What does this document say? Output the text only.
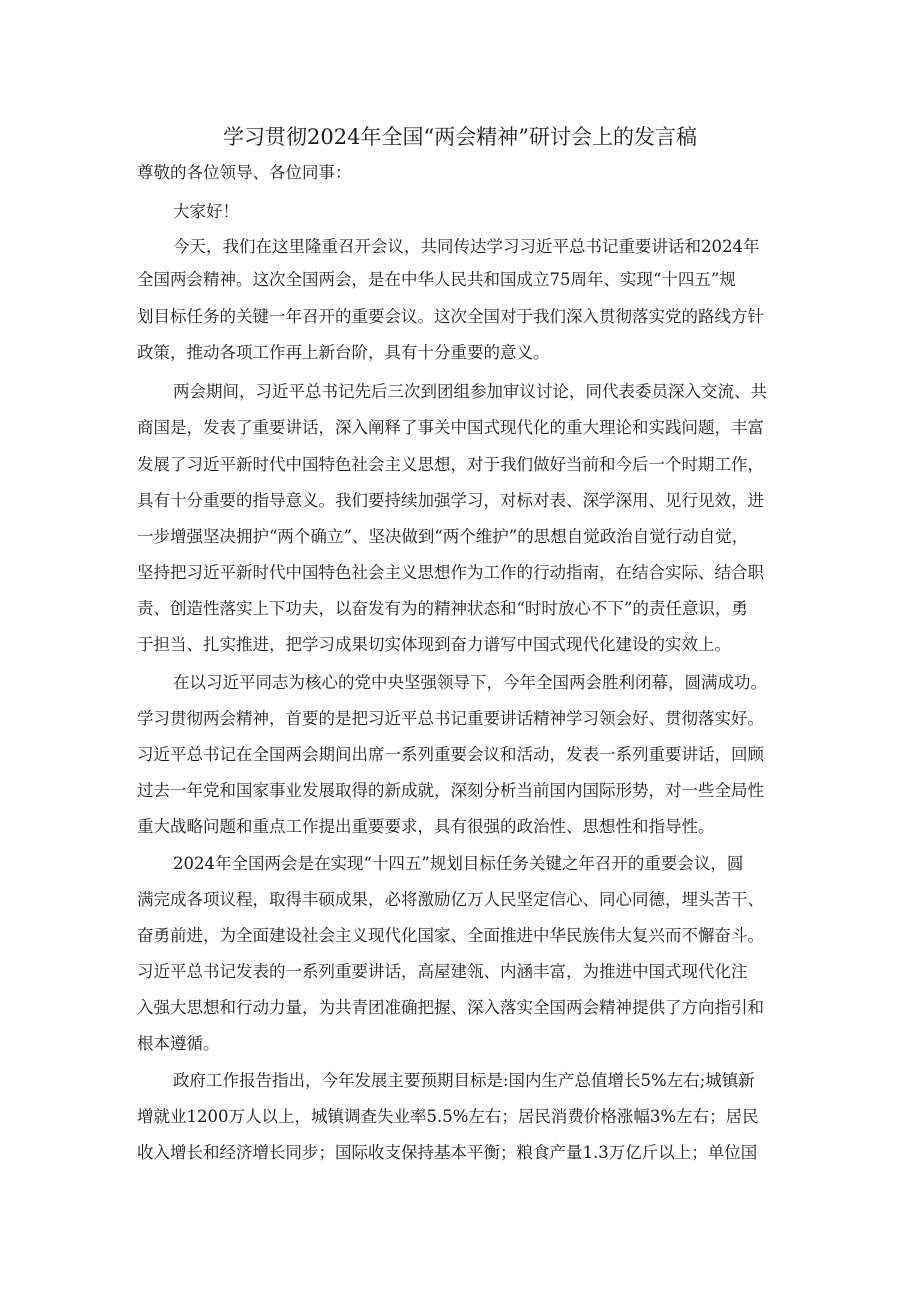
学习贯彻2024年全国“两会精神”研讨会上的发言稿
尊敬的各位领导、各位同事：
大家好！
今天，我们在这里隆重召开会议，共同传达学习习近平总书记重要讲话和2024年
全国两会精神。这次全国两会，是在中华人民共和国成立75周年、实现“十四五”规
划目标任务的关键一年召开的重要会议。这次全国对于我们深入贯彻落实党的路线方针
政策，推动各项工作再上新台阶，具有十分重要的意义。
两会期间，习近平总书记先后三次到团组参加审议讨论，同代表委员深入交流、共
商国是，发表了重要讲话，深入阐释了事关中国式现代化的重大理论和实践问题，丰富
发展了习近平新时代中国特色社会主义思想，对于我们做好当前和今后一个时期工作，
具有十分重要的指导意义。我们要持续加强学习，对标对表、深学深用、见行见效，进
一步增强坚决拥护“两个确立”、坚决做到“两个维护”的思想自觉政治自觉行动自觉，
坚持把习近平新时代中国特色社会主义思想作为工作的行动指南，在结合实际、结合职
责、创造性落实上下功夫，以奋发有为的精神状态和“时时放心不下”的责任意识，勇
于担当、扎实推进，把学习成果切实体现到奋力谱写中国式现代化建设的实效上。
在以习近平同志为核心的党中央坚强领导下，今年全国两会胜利闭幕，圆满成功。
学习贯彻两会精神，首要的是把习近平总书记重要讲话精神学习领会好、贯彻落实好。
习近平总书记在全国两会期间出席一系列重要会议和活动，发表一系列重要讲话，回顾
过去一年党和国家事业发展取得的新成就，深刻分析当前国内国际形势，对一些全局性
重大战略问题和重点工作提出重要要求，具有很强的政治性、思想性和指导性。
2024年全国两会是在实现“十四五”规划目标任务关键之年召开的重要会议，圆
满完成各项议程，取得丰硕成果，必将激励亿万人民坚定信心、同心同德，埋头苦干、
奋勇前进，为全面建设社会主义现代化国家、全面推进中华民族伟大复兴而不懈奋斗。
习近平总书记发表的一系列重要讲话，高屋建瓴、内涵丰富，为推进中国式现代化注
入强大思想和行动力量，为共青团准确把握、深入落实全国两会精神提供了方向指引和
根本遵循。
政府工作报告指出，今年发展主要预期目标是:国内生产总值增长5%左右;城镇新
增就业1200万人以上，城镇调查失业率5.5%左右；居民消费价格涨幅3%左右；居民
收入增长和经济增长同步；国际收支保持基本平衡；粮食产量1.3万亿斤以上；单位国
